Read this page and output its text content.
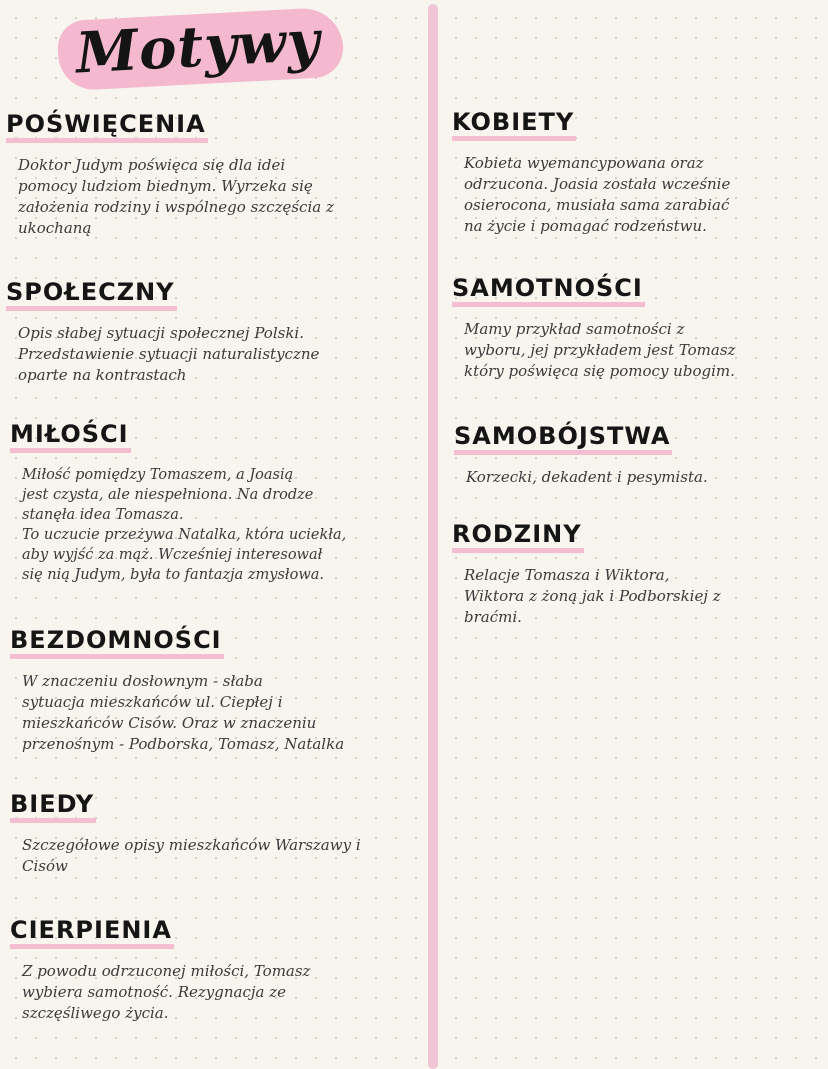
Motywy
POŚWIĘCENIA
Doktor Judym poświęca się dla idei
pomocy ludziom biednym. Wyrzeka się
założenia rodziny i wspólnego szczęścia z
ukochaną
SPOŁECZNY
Opis słabej sytuacji społecznej Polski.
Przedstawienie sytuacji naturalistyczne
oparte na kontrastach
MIŁOŚCI
Miłość pomiędzy Tomaszem, a Joasią
jest czysta, ale niespełniona. Na drodze
stanęła idea Tomasza.
To uczucie przeżywa Natalka, która uciekła,
aby wyjść za mąż. Wcześniej interesował
się nią Judym, była to fantazja zmysłowa.
BEZDOMNOŚCI
W znaczeniu dosłownym - słaba
sytuacja mieszkańców ul. Ciepłej i
mieszkańców Cisów. Oraz w znaczeniu
przenośnym - Podborska, Tomasz, Natalka
BIEDY
Szczegółowe opisy mieszkańców Warszawy i
Cisów
CIERPIENIA
Z powodu odrzuconej miłości, Tomasz
wybiera samotność. Rezygnacja ze
szczęśliwego życia.
KOBIETY
Kobieta wyemancypowana oraz
odrzucona. Joasia została wcześnie
osierocona, musiała sama zarabiać
na życie i pomagać rodzeństwu.
SAMOTNOŚCI
Mamy przykład samotności z
wyboru, jej przykładem jest Tomasz
który poświęca się pomocy ubogim.
SAMOBÓJSTWA
Korzecki, dekadent i pesymista.
RODZINY
Relacje Tomasza i Wiktora,
Wiktora z żoną jak i Podborskiej z
braćmi.
